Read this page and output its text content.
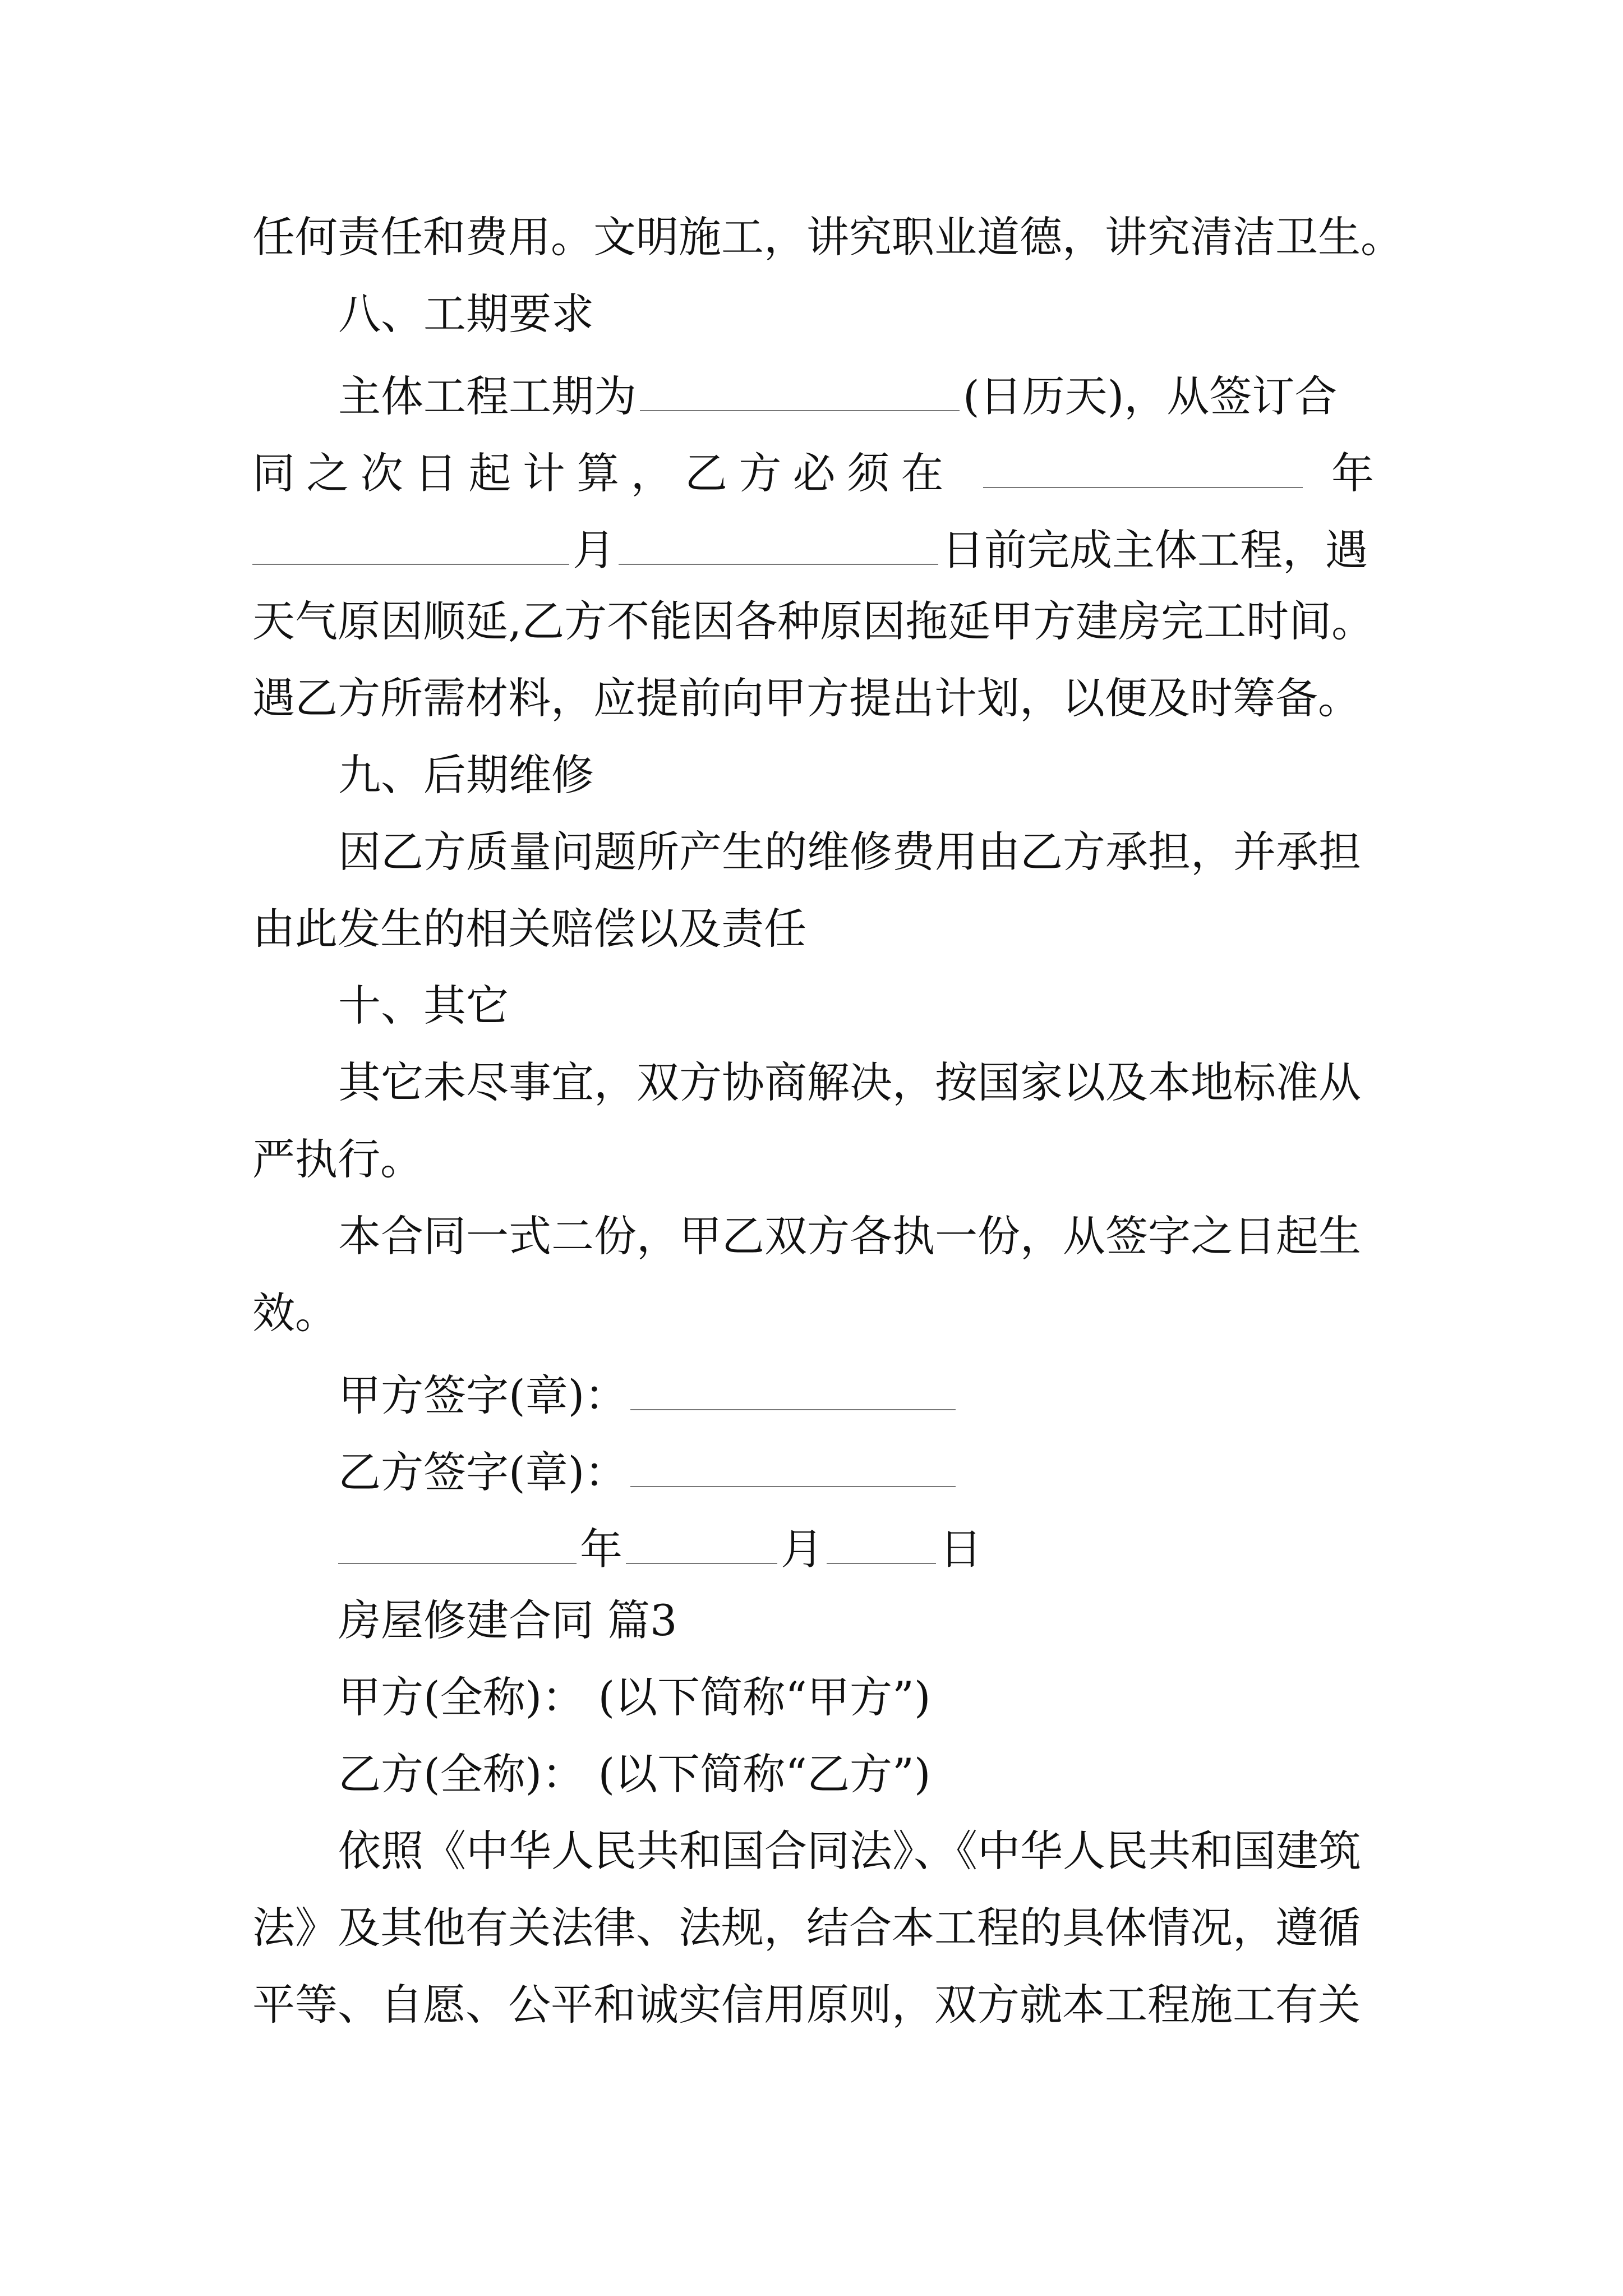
任何责任和费用。文明施工，讲究职业道德，讲究清洁卫生。
八、工期要求
主体工程工期为	(日历天)，从签订合
同之次日起计算，乙方必须在	年
月	日前完成主体工程，遇
天气原因顺延,乙方不能因各种原因拖延甲方建房完工时间。
遇乙方所需材料，应提前向甲方提出计划，以便及时筹备。
九、后期维修
因乙方质量问题所产生的维修费用由乙方承担，并承担
由此发生的相关赔偿以及责任
十、其它
其它未尽事宜，双方协商解决，按国家以及本地标准从
严执行。
本合同一式二份，甲乙双方各执一份，从签字之日起生
效。
甲方签字(章)：
乙方签字(章)：
年	月	日
房屋修建合同 篇3
甲方(全称)： (以下简称“甲方”)
乙方(全称)： (以下简称“乙方”)
依照《中华人民共和国合同法》、《中华人民共和国建筑
法》及其他有关法律、法规，结合本工程的具体情况，遵循
平等、自愿、公平和诚实信用原则，双方就本工程施工有关
